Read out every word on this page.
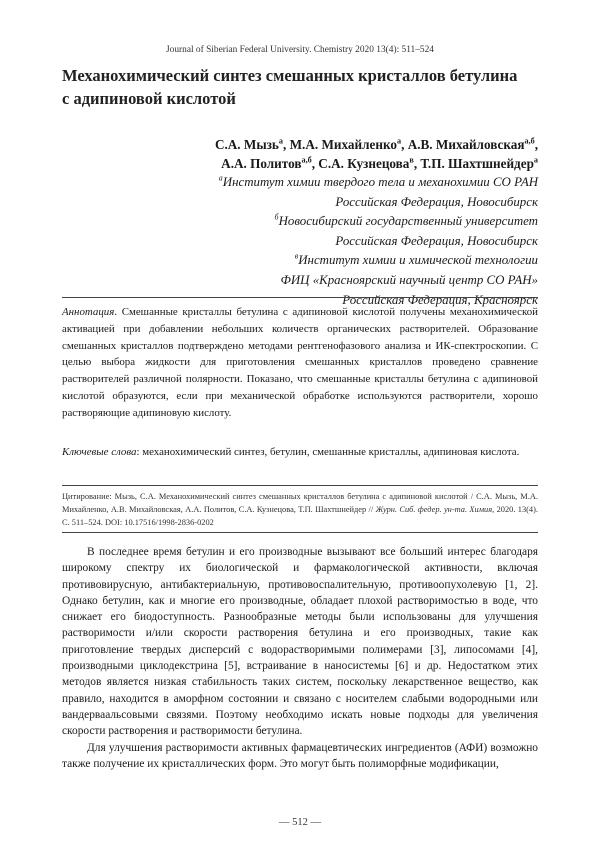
Journal of Siberian Federal University. Chemistry 2020 13(4): 511–524
Механохимический синтез смешанных кристаллов бетулина
с адипиновой кислотой
С.А. Мызь$^а$, М.А. Михайленко$^а$, А.В. Михайловская$^{а,б}$,
А.А. Политов$^{а,б}$, С.А. Кузнецова$^в$, Т.П. Шахтшнейдер$^а$
$^а$Институт химии твердого тела и механохимии СО РАН
Российская Федерация, Новосибирск
$^б$Новосибирский государственный университет
Российская Федерация, Новосибирск
$^в$Институт химии и химической технологии
ФИЦ «Красноярский научный центр СО РАН»
Российская Федерация, Красноярск
Аннотация. Смешанные кристаллы бетулина с адипиновой кислотой получены механохимической активацией при добавлении небольших количеств органических растворителей. Образование смешанных кристаллов подтверждено методами рентгенофазового анализа и ИК-спектроскопии. С целью выбора жидкости для приготовления смешанных кристаллов проведено сравнение растворителей различной полярности. Показано, что смешанные кристаллы бетулина с адипиновой кислотой образуются, если при механической обработке используются растворители, хорошо растворяющие адипиновую кислоту.
Ключевые слова: механохимический синтез, бетулин, смешанные кристаллы, адипиновая кислота.
Цитирование: Мызь, С.А. Механохимический синтез смешанных кристаллов бетулина с адипиновой кислотой / С.А. Мызь, М.А. Михайленко, А.В. Михайловская, А.А. Политов, С.А. Кузнецова, Т.П. Шахтшнейдер // Журн. Сиб. федер. ун-та. Химия, 2020. 13(4). С. 511–524. DOI: 10.17516/1998-2836-0202

В последнее время бетулин и его производные вызывают все больший интерес благодаря широкому спектру их биологической и фармакологической активности, включая противовирусную, антибактериальную, противовоспалительную, противоопухолевую [1, 2]. Однако бетулин, как и многие его производные, обладает плохой растворимостью в воде, что снижает его биодоступность. Разнообразные методы были использованы для улучшения растворимости и/или скорости растворения бетулина и его производных, такие как приготовление твердых дисперсий с водорастворимыми полимерами [3], липосомами [4], производными циклодекстрина [5], встраивание в наносистемы [6] и др. Недостатком этих методов является низкая стабильность таких систем, поскольку лекарственное вещество, как правило, находится в аморфном состоянии и связано с носителем слабыми водородными или вандерваальсовыми связями. Поэтому необходимо искать новые подходы для увеличения скорости растворения и растворимости бетулина.

Для улучшения растворимости активных фармацевтических ингредиентов (АФИ) возможно также получение их кристаллических форм. Это могут быть полиморфные модификации,

— 512 —
